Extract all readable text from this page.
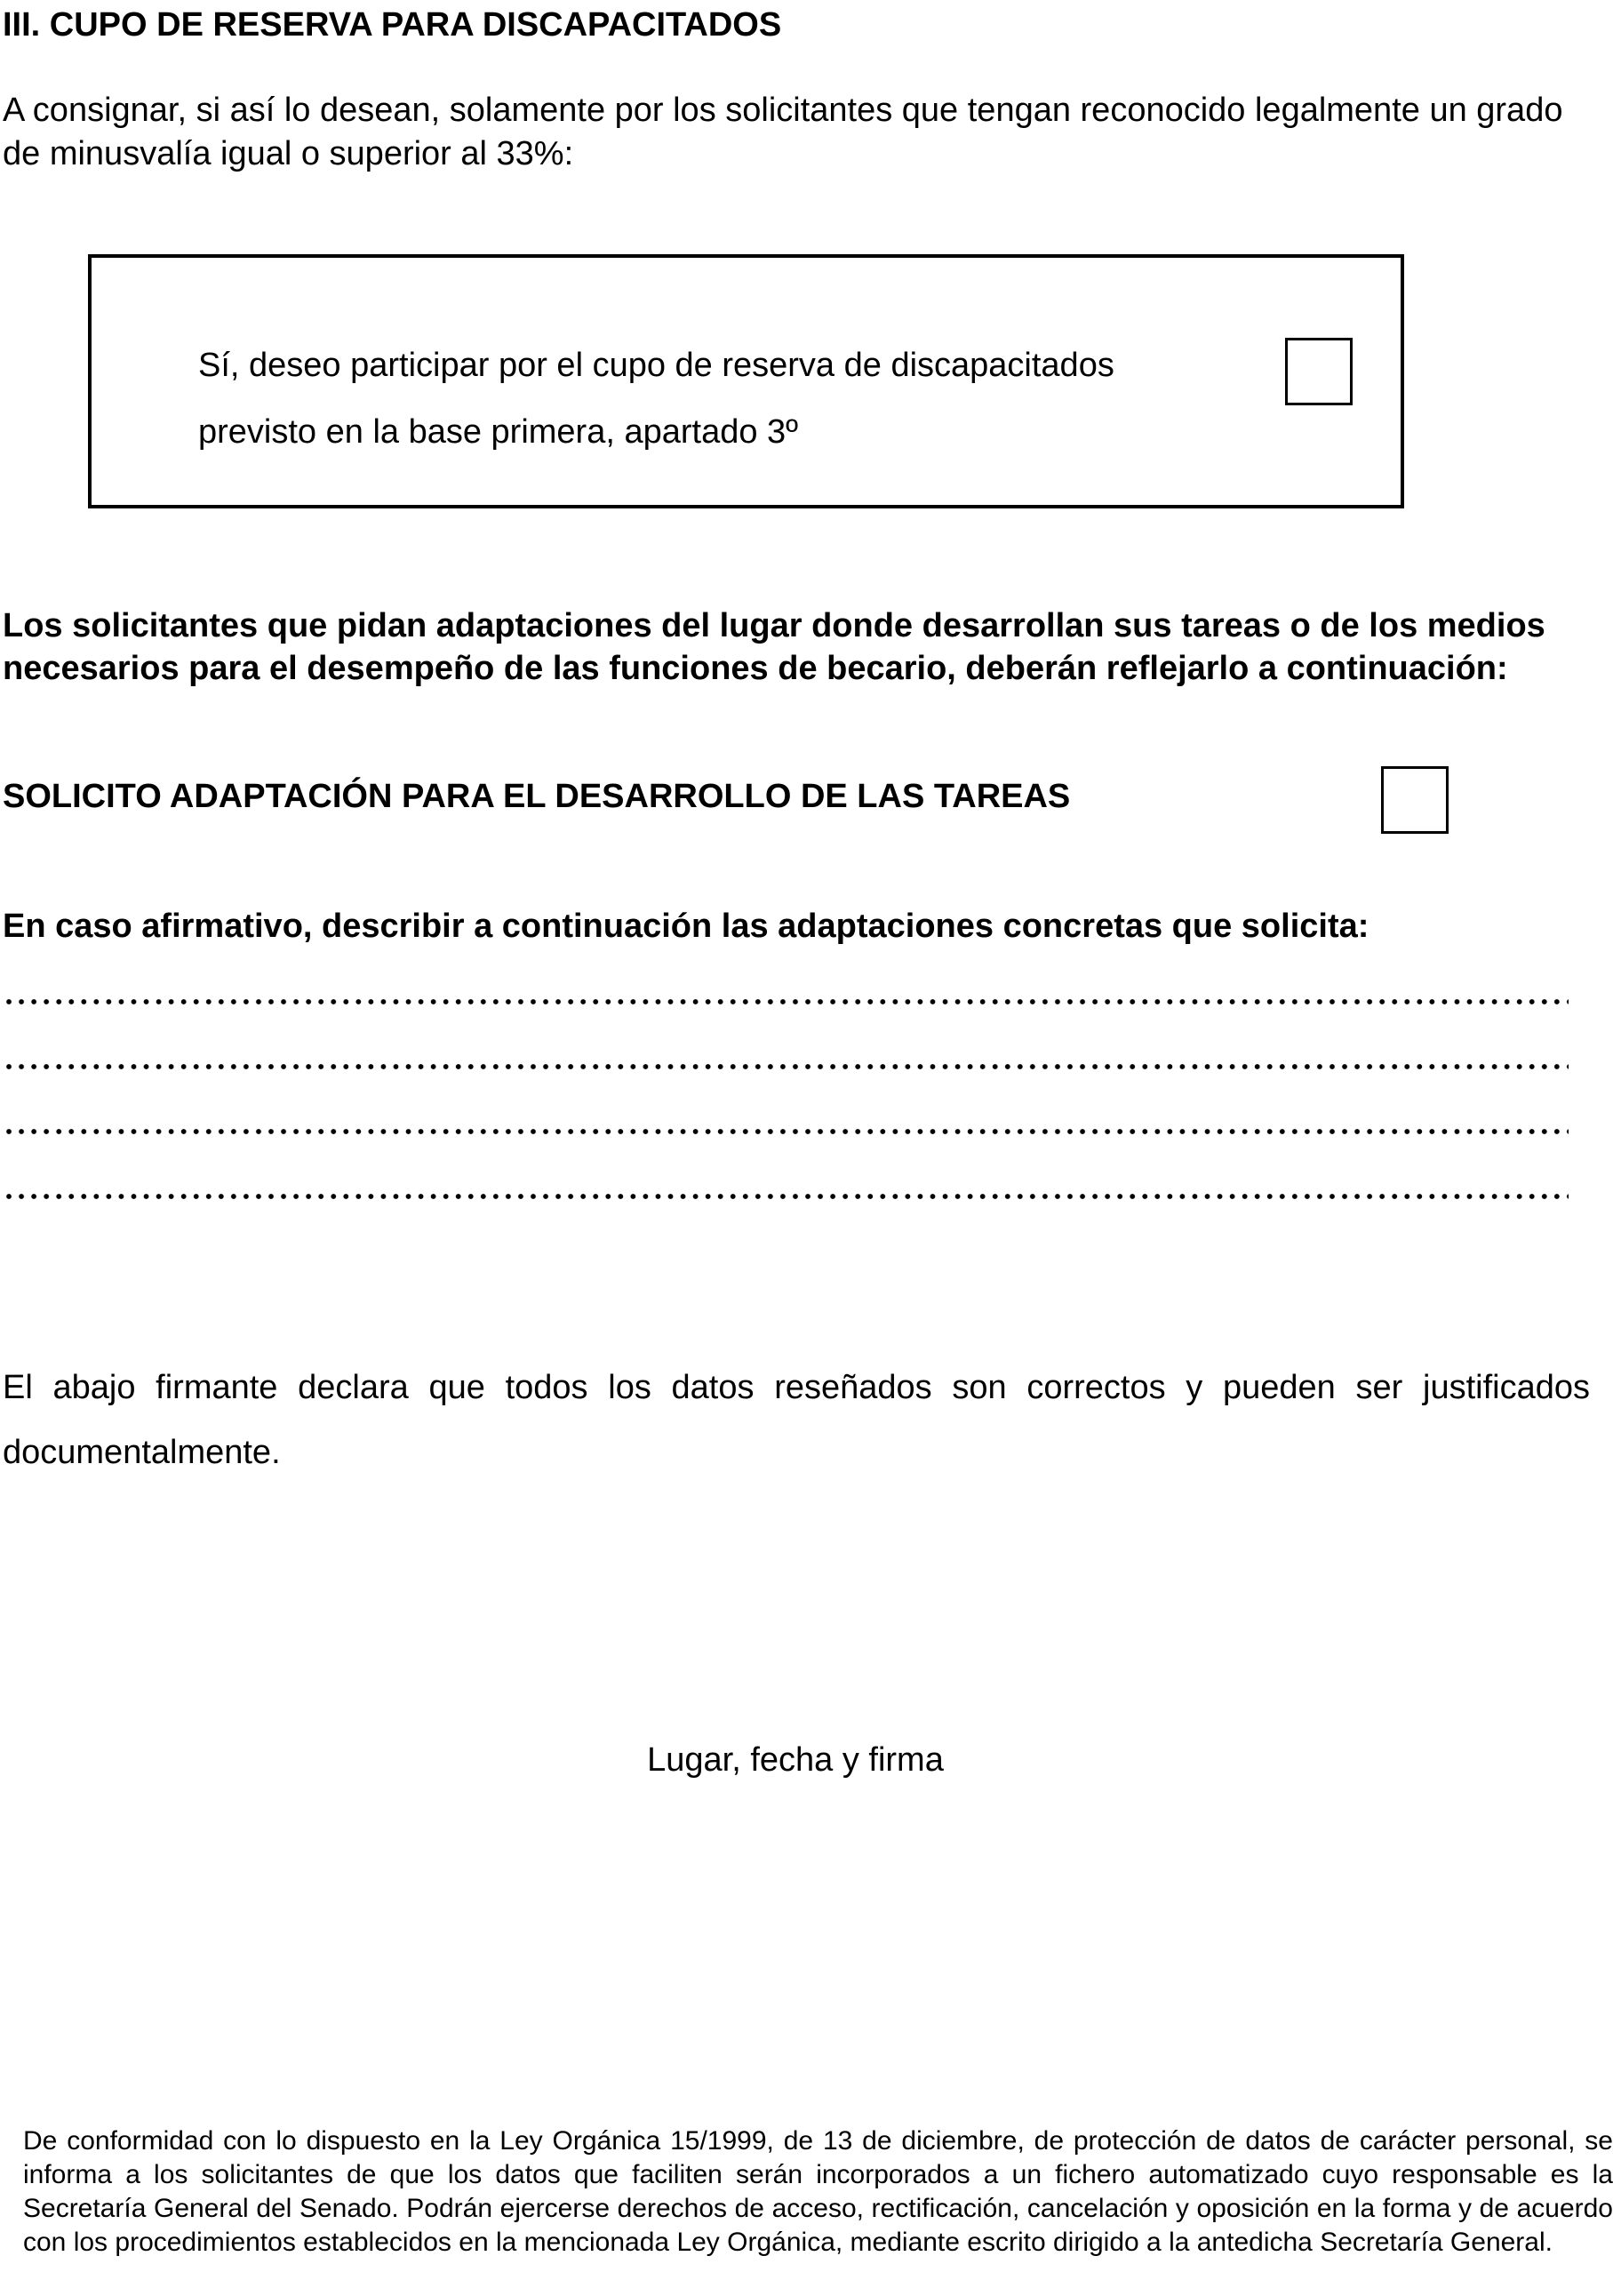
III. CUPO DE RESERVA PARA DISCAPACITADOS

A consignar, si así lo desean, solamente por los solicitantes que tengan reconocido legalmente un grado de minusvalía igual o superior al 33%:

Sí, deseo participar por el cupo de reserva de discapacitados
previsto en la base primera, apartado 3º

Los solicitantes que pidan adaptaciones del lugar donde desarrollan sus tareas o de los medios necesarios para el desempeño de las funciones de becario, deberán reflejarlo a continuación:

SOLICITO ADAPTACIÓN PARA EL DESARROLLO DE LAS TAREAS
En caso afirmativo, describir a continuación las adaptaciones concretas que solicita:

El abajo firmante declara que todos los datos reseñados son correctos y pueden ser justificados documentalmente.

Lugar, fecha y firma

De conformidad con lo dispuesto en la Ley Orgánica 15/1999, de 13 de diciembre, de protección de datos de carácter personal, se informa a los solicitantes de que los datos que faciliten serán incorporados a un fichero automatizado cuyo responsable es la Secretaría General del Senado. Podrán ejercerse derechos de acceso, rectificación, cancelación y oposición en la forma y de acuerdo con los procedimientos establecidos en la mencionada Ley Orgánica, mediante escrito dirigido a la antedicha Secretaría General.
